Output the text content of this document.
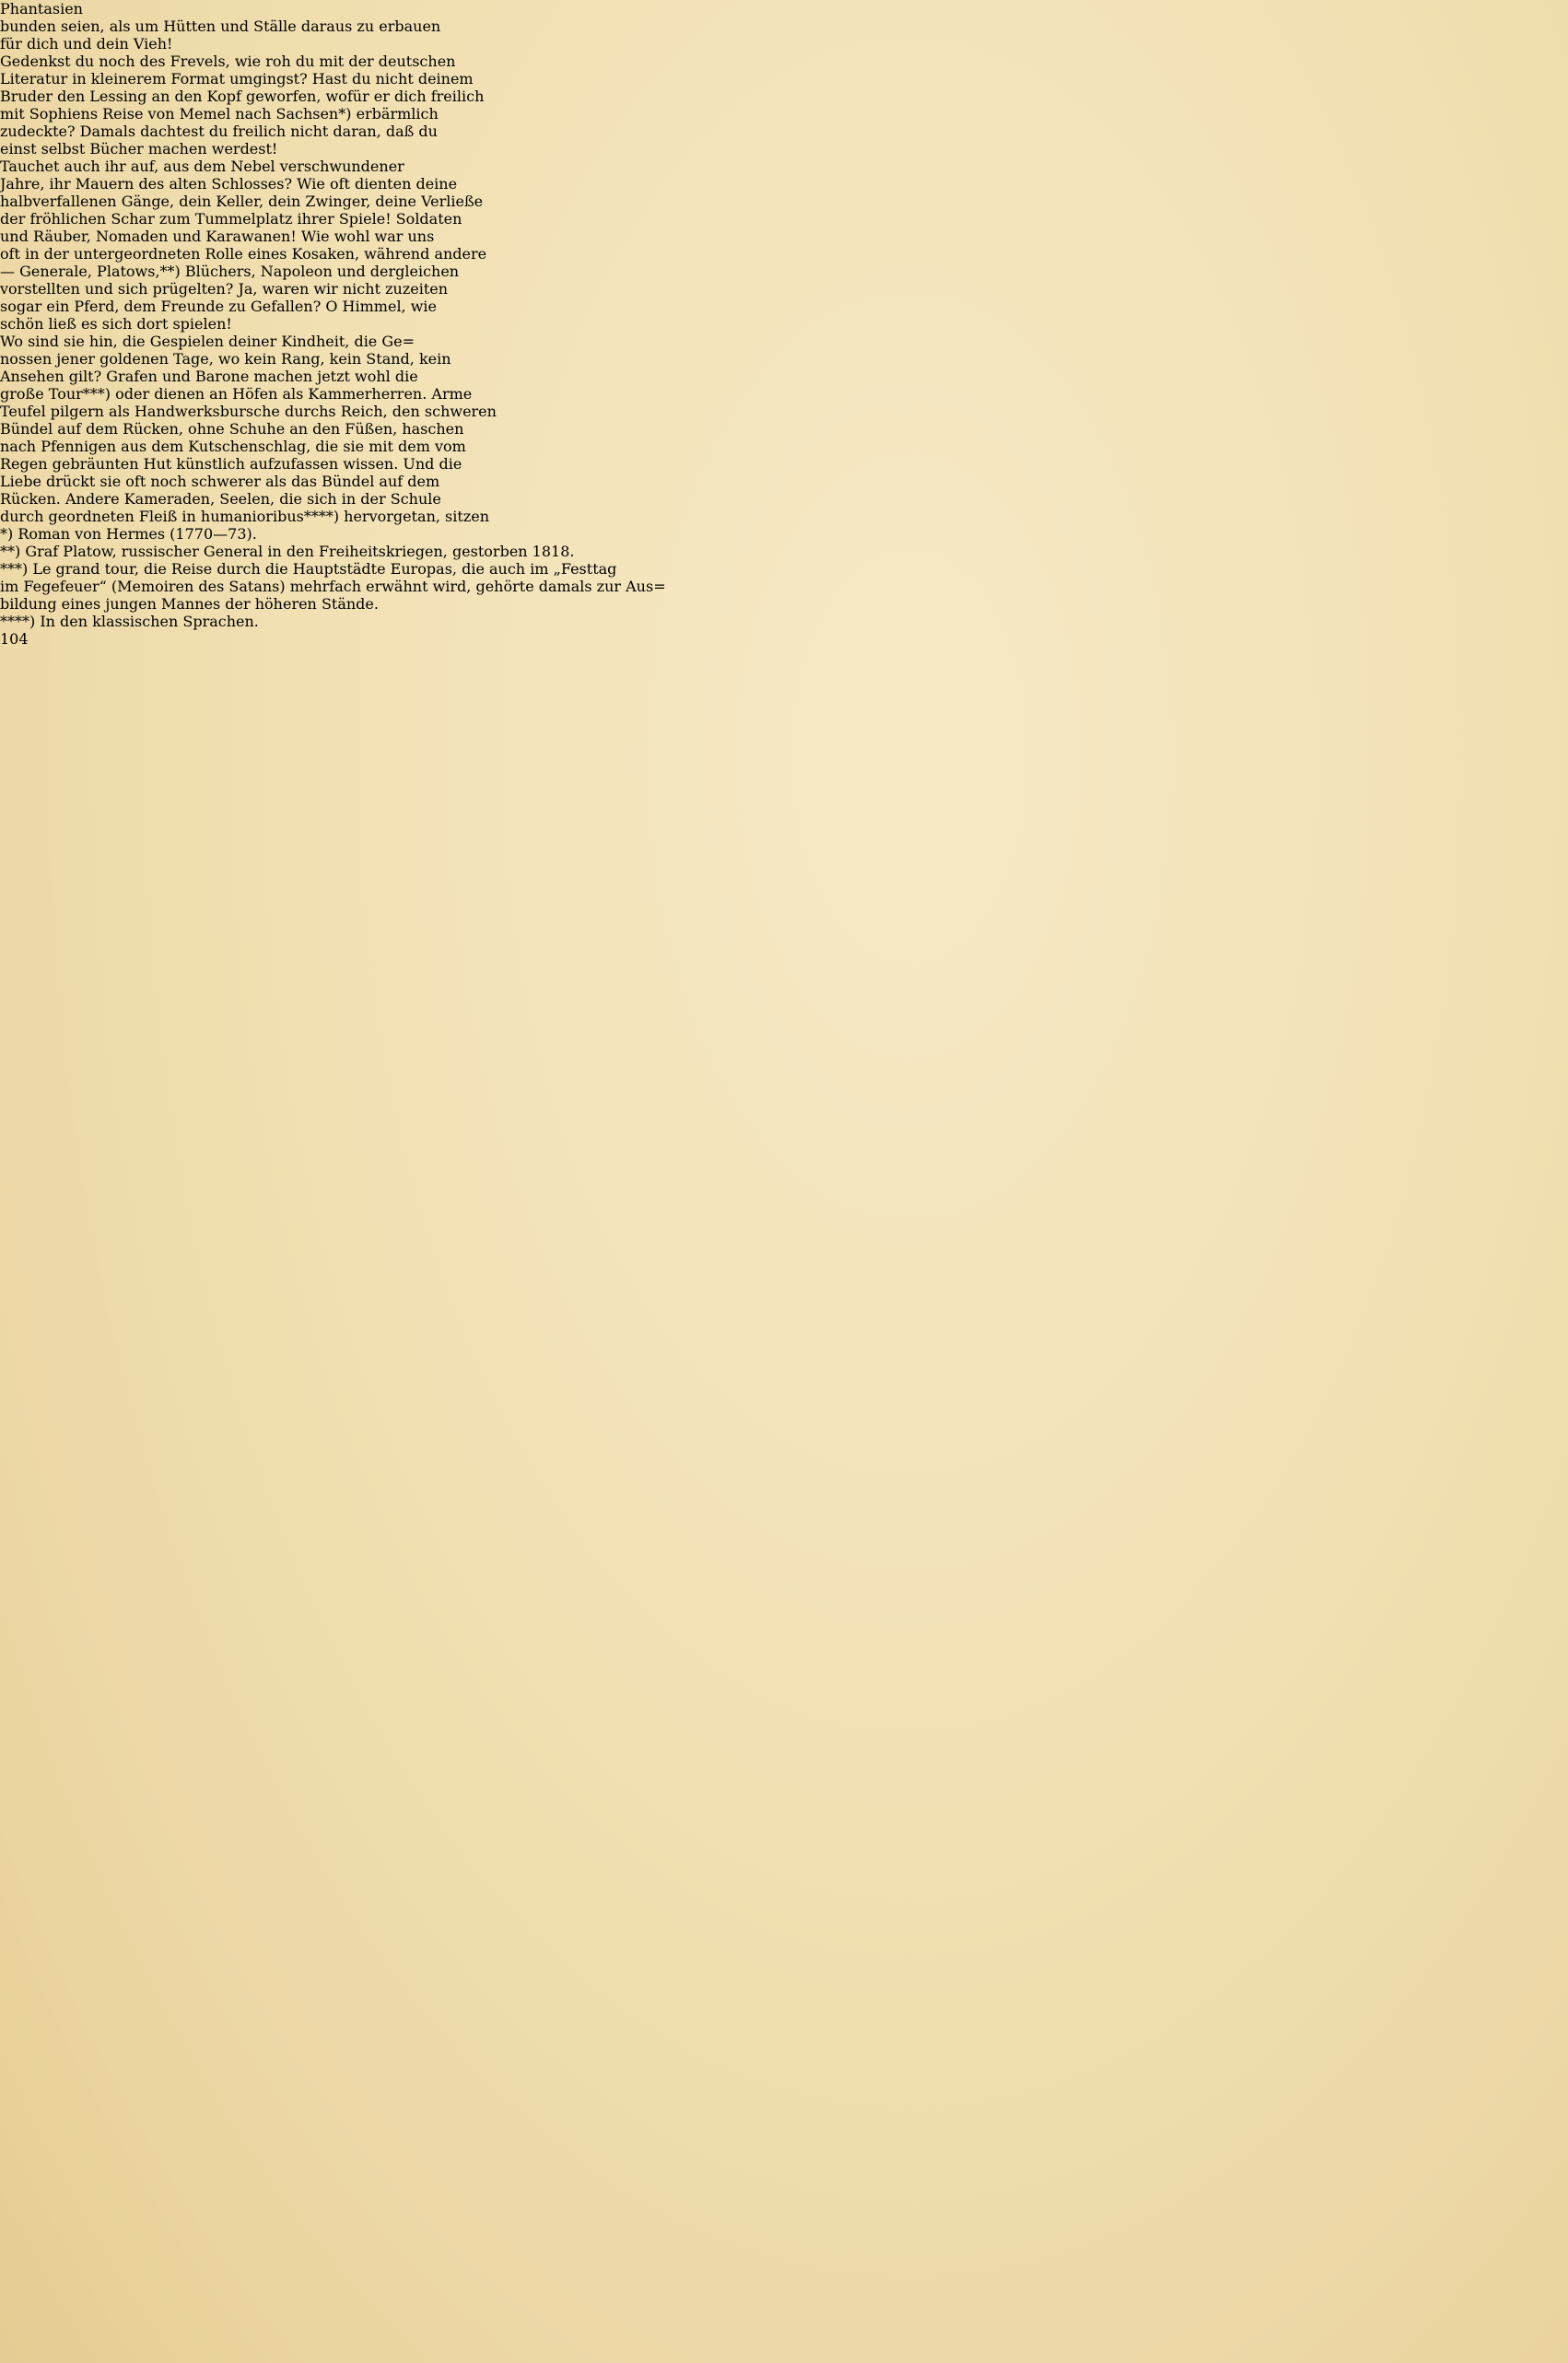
Phantasien
bunden seien, als um Hütten und Ställe daraus zu erbauen
für dich und dein Vieh!
Gedenkst du noch des Frevels, wie roh du mit der deutschen
Literatur in kleinerem Format umgingst? Hast du nicht deinem
Bruder den Lessing an den Kopf geworfen, wofür er dich freilich
mit Sophiens Reise von Memel nach Sachsen*) erbärmlich
zudeckte? Damals dachtest du freilich nicht daran, daß du
einst selbst Bücher machen werdest!
Tauchet auch ihr auf, aus dem Nebel verschwundener
Jahre, ihr Mauern des alten Schlosses? Wie oft dienten deine
halbverfallenen Gänge, dein Keller, dein Zwinger, deine Verließe
der fröhlichen Schar zum Tummelplatz ihrer Spiele! Soldaten
und Räuber, Nomaden und Karawanen! Wie wohl war uns
oft in der untergeordneten Rolle eines Kosaken, während andere
— Generale, Platows,**) Blüchers, Napoleon und dergleichen
vorstellten und sich prügelten? Ja, waren wir nicht zuzeiten
sogar ein Pferd, dem Freunde zu Gefallen? O Himmel, wie
schön ließ es sich dort spielen!
Wo sind sie hin, die Gespielen deiner Kindheit, die Ge=
nossen jener goldenen Tage, wo kein Rang, kein Stand, kein
Ansehen gilt? Grafen und Barone machen jetzt wohl die
große Tour***) oder dienen an Höfen als Kammerherren. Arme
Teufel pilgern als Handwerksbursche durchs Reich, den schweren
Bündel auf dem Rücken, ohne Schuhe an den Füßen, haschen
nach Pfennigen aus dem Kutschenschlag, die sie mit dem vom
Regen gebräunten Hut künstlich aufzufassen wissen. Und die
Liebe drückt sie oft noch schwerer als das Bündel auf dem
Rücken. Andere Kameraden, Seelen, die sich in der Schule
durch geordneten Fleiß in humanioribus****) hervorgetan, sitzen
*) Roman von Hermes (1770—73).
**) Graf Platow, russischer General in den Freiheitskriegen, gestorben 1818.
***) Le grand tour, die Reise durch die Hauptstädte Europas, die auch im „Festtag
im Fegefeuer“ (Memoiren des Satans) mehrfach erwähnt wird, gehörte damals zur Aus=
bildung eines jungen Mannes der höheren Stände.
****) In den klassischen Sprachen.
104
